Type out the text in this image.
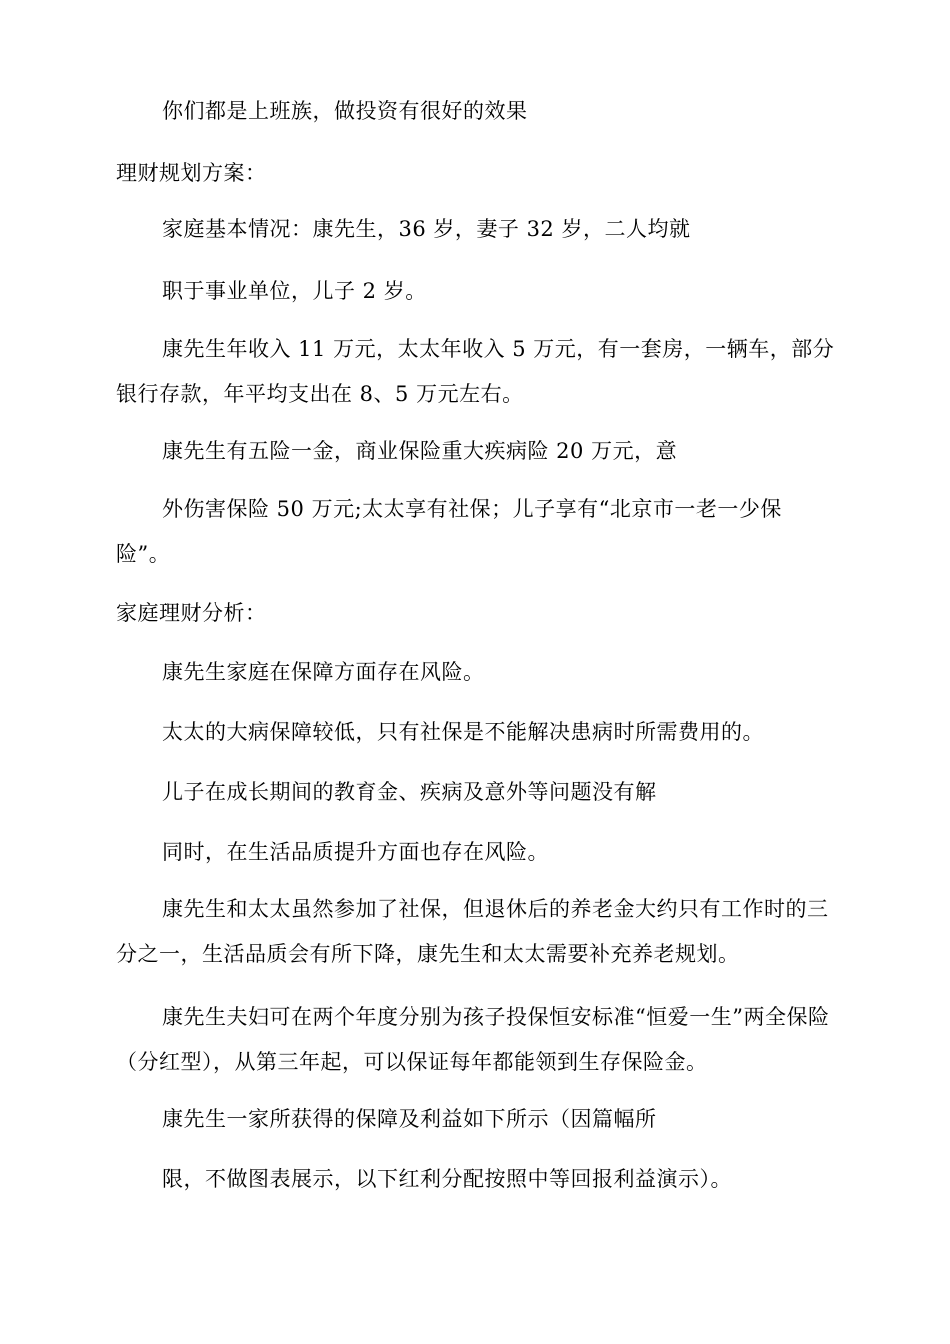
你们都是上班族，做投资有很好的效果
理财规划方案：
家庭基本情况：康先生，36 岁，妻子 32 岁，二人均就
职于事业单位，儿子 2 岁。
康先生年收入 11 万元，太太年收入 5 万元，有一套房，一辆车，部分银行存款，年平均支出在 8、5 万元左右。
康先生有五险一金，商业保险重大疾病险 20 万元，意
外伤害保险 50 万元;太太享有社保；儿子享有“北京市一老一少保险”。
家庭理财分析：
康先生家庭在保障方面存在风险。
太太的大病保障较低，只有社保是不能解决患病时所需费用的。
儿子在成长期间的教育金、疾病及意外等问题没有解
同时，在生活品质提升方面也存在风险。
康先生和太太虽然参加了社保，但退休后的养老金大约只有工作时的三分之一，生活品质会有所下降，康先生和太太需要补充养老规划。
康先生夫妇可在两个年度分别为孩子投保恒安标准“恒爱一生”两全保险（分红型），从第三年起，可以保证每年都能领到生存保险金。
康先生一家所获得的保障及利益如下所示（因篇幅所
限，不做图表展示，以下红利分配按照中等回报利益演示）。
